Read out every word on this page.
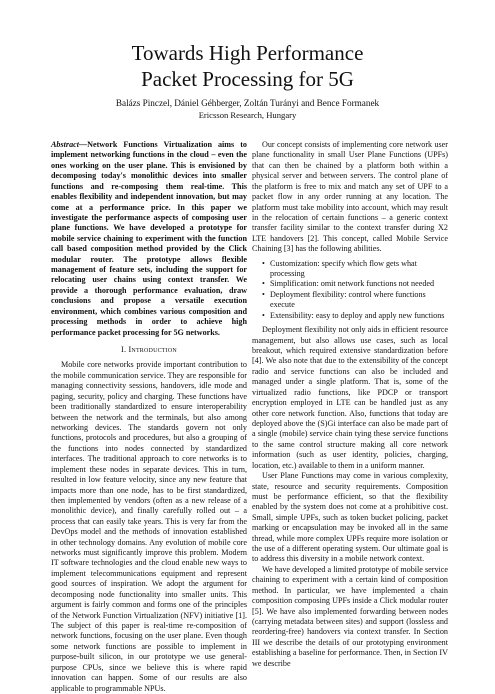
Towards High Performance
Packet Processing for 5G
Balázs Pinczel, Dániel Géhberger, Zoltán Turányi and Bence Formanek
Ericsson Research, Hungary

Abstract—Network Functions Virtualization aims to implement networking functions in the cloud – even the ones working on the user plane. This is envisioned by decomposing today's monolithic devices into smaller functions and re-composing them real-time. This enables flexibility and independent innovation, but may come at a performance price. In this paper we investigate the performance aspects of composing user plane functions. We have developed a prototype for mobile service chaining to experiment with the function call based composition method provided by the Click modular router. The prototype allows flexible management of feature sets, including the support for relocating user chains using context transfer. We provide a thorough performance evaluation, draw conclusions and propose a versatile execution environment, which combines various composition and processing methods in order to achieve high performance packet processing for 5G networks.

I. Introduction

Mobile core networks provide important contribution to the mobile communication service. They are responsible for managing connectivity sessions, handovers, idle mode and paging, security, policy and charging. These functions have been traditionally standardized to ensure interoperability between the network and the terminals, but also among networking devices. The standards govern not only functions, protocols and procedures, but also a grouping of the functions into nodes connected by standardized interfaces. The traditional approach to core networks is to implement these nodes in separate devices. This in turn, resulted in low feature velocity, since any new feature that impacts more than one node, has to be first standardized, then implemented by vendors (often as a new release of a monolithic device), and finally carefully rolled out – a process that can easily take years. This is very far from the DevOps model and the methods of innovation established in other technology domains. Any evolution of mobile core networks must significantly improve this problem. Modern IT software technologies and the cloud enable new ways to implement telecommunications equipment and represent good sources of inspiration. We adopt the argument for decomposing node functionality into smaller units. This argument is fairly common and forms one of the principles of the Network Function Virtualization (NFV) initiative [1]. The subject of this paper is real-time re-composition of network functions, focusing on the user plane. Even though some network functions are possible to implement in purpose-built silicon, in our prototype we use general-purpose CPUs, since we believe this is where rapid innovation can happen. Some of our results are also applicable to programmable NPUs.

Our concept consists of implementing core network user plane functionality in small User Plane Functions (UPFs) that can then be chained by a platform both within a physical server and between servers. The control plane of the platform is free to mix and match any set of UPF to a packet flow in any order running at any location. The platform must take mobility into account, which may result in the relocation of certain functions – a generic context transfer facility similar to the context transfer during X2 LTE handovers [2]. This concept, called Mobile Service Chaining [3] has the following abilities.

• Customization: specify which flow gets what processing
• Simplification: omit network functions not needed
• Deployment flexibility: control where functions execute
• Extensibility: easy to deploy and apply new functions

Deployment flexibility not only aids in efficient resource management, but also allows use cases, such as local breakout, which required extensive standardization before [4]. We also note that due to the extensibility of the concept radio and service functions can also be included and managed under a single platform. That is, some of the virtualized radio functions, like PDCP or transport encryption employed in LTE can be handled just as any other core network function. Also, functions that today are deployed above the (S)Gi interface can also be made part of a single (mobile) service chain tying these service functions to the same control structure making all core network information (such as user identity, policies, charging, location, etc.) available to them in a uniform manner.

User Plane Functions may come in various complexity, state, resource and security requirements. Composition must be performance efficient, so that the flexibility enabled by the system does not come at a prohibitive cost. Small, simple UPFs, such as token bucket policing, packet marking or encapsulation may be invoked all in the same thread, while more complex UPFs require more isolation or the use of a different operating system. Our ultimate goal is to address this diversity in a mobile network context.

We have developed a limited prototype of mobile service chaining to experiment with a certain kind of composition method. In particular, we have implemented a chain composition composing UPFs inside a Click modular router [5]. We have also implemented forwarding between nodes (carrying metadata between sites) and support (lossless and reordering-free) handovers via context transfer. In Section III we describe the details of our prototyping environment establishing a baseline for performance. Then, in Section IV we describe
